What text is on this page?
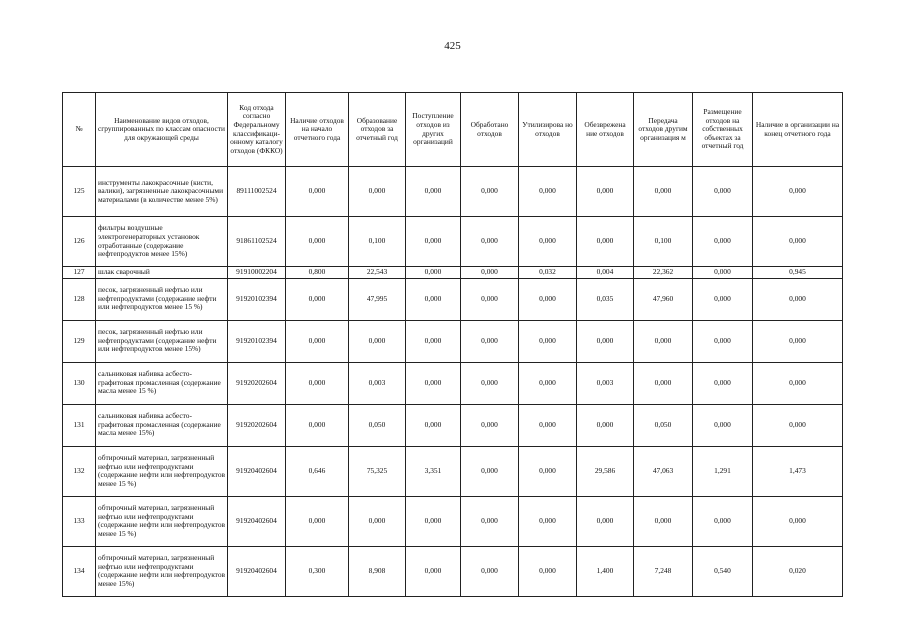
425
№	Наименование видов отходов, сгруппированных по классам опасности для окружающей среды	Код отхода согласно Федеральному классификаци-онному каталогу отходов (ФККО)	Наличие отходов на начало отчетного года	Образование отходов за отчетный год	Поступление отходов из других организаций	Обработано отходов	Утилизирова но отходов	Обезврежена ние отходов	Передача отходов другим организация м	Размещение отходов на собственных объектах за отчетный год	Наличие в организации на конец отчетного года
125	инструменты лакокрасочные (кисти, валики), загрязненные лакокрасочными материалами (в количестве менее 5%)	89111002524	0,000	0,000	0,000	0,000	0,000	0,000	0,000	0,000	0,000
126	фильтры воздушные электрогенераторных установок отработанные (содержание нефтепродуктов менее 15%)	91861102524	0,000	0,100	0,000	0,000	0,000	0,000	0,100	0,000	0,000
127	шлак сварочный	91910002204	0,800	22,543	0,000	0,000	0,032	0,004	22,362	0,000	0,945
128	песок, загрязненный нефтью или нефтепродуктами (содержание нефти или нефтепродуктов менее 15 %)	91920102394	0,000	47,995	0,000	0,000	0,000	0,035	47,960	0,000	0,000
129	песок, загрязненный нефтью или нефтепродуктами (содержание нефти или нефтепродуктов менее 15%)	91920102394	0,000	0,000	0,000	0,000	0,000	0,000	0,000	0,000	0,000
130	сальниковая набивка асбесто-графитовая промасленная (содержание масла менее 15 %)	91920202604	0,000	0,003	0,000	0,000	0,000	0,003	0,000	0,000	0,000
131	сальниковая набивка асбесто-графитовая промасленная (содержание масла менее 15%)	91920202604	0,000	0,050	0,000	0,000	0,000	0,000	0,050	0,000	0,000
132	обтирочный материал, загрязненный нефтью или нефтепродуктами (содержание нефти или нефтепродуктов менее 15 %)	91920402604	0,646	75,325	3,351	0,000	0,000	29,586	47,063	1,291	1,473
133	обтирочный материал, загрязненный нефтью или нефтепродуктами (содержание нефти или нефтепродуктов менее 15 %)	91920402604	0,000	0,000	0,000	0,000	0,000	0,000	0,000	0,000	0,000
134	обтирочный материал, загрязненный нефтью или нефтепродуктами (содержание нефти или нефтепродуктов менее 15%)	91920402604	0,300	8,908	0,000	0,000	0,000	1,400	7,248	0,540	0,020
